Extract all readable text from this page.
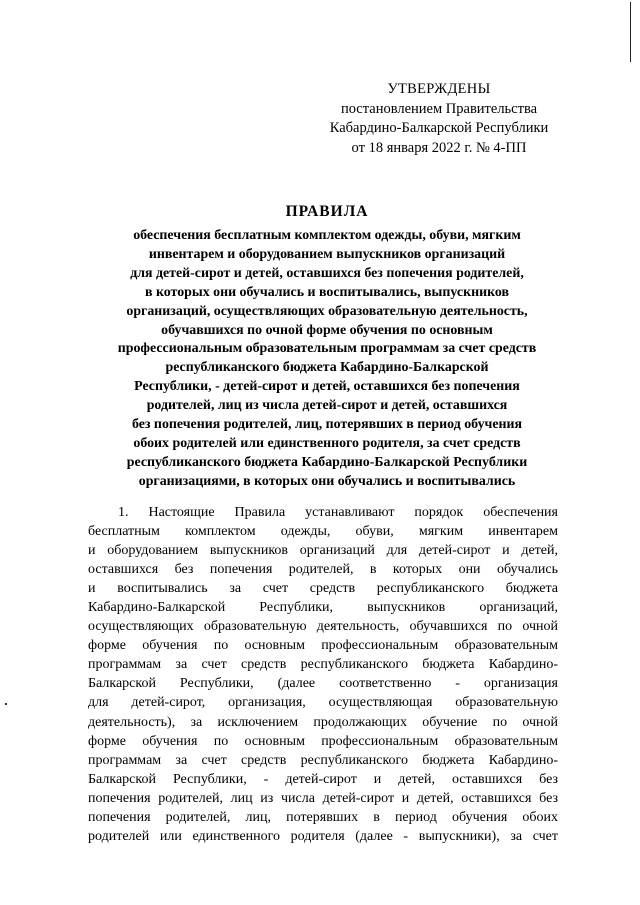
УТВЕРЖДЕНЫ
постановлением Правительства
Кабардино-Балкарской Республики
от 18 января 2022 г. № 4-ПП
ПРАВИЛА
обеспечения бесплатным комплектом одежды, обуви, мягким
инвентарем и оборудованием выпускников организаций
для детей-сирот и детей, оставшихся без попечения родителей,
в которых они обучались и воспитывались, выпускников
организаций, осуществляющих образовательную деятельность,
обучавшихся по очной форме обучения по основным
профессиональным образовательным программам за счет средств
республиканского бюджета Кабардино-Балкарской
Республики, - детей-сирот и детей, оставшихся без попечения
родителей, лиц из числа детей-сирот и детей, оставшихся
без попечения родителей, лиц, потерявших в период обучения
обоих родителей или единственного родителя, за счет средств
республиканского бюджета Кабардино-Балкарской Республики
организациями, в которых они обучались и воспитывались
1. Настоящие Правила устанавливают порядок обеспечения
бесплатным комплектом одежды, обуви, мягким инвентарем
и оборудованием выпускников организаций для детей-сирот и детей,
оставшихся без попечения родителей, в которых они обучались
и воспитывались за счет средств республиканского бюджета
Кабардино-Балкарской Республики, выпускников организаций,
осуществляющих образовательную деятельность, обучавшихся по очной
форме обучения по основным профессиональным образовательным
программам за счет средств республиканского бюджета Кабардино-
Балкарской Республики, (далее соответственно - организация
для детей-сирот, организация, осуществляющая образовательную
деятельность), за исключением продолжающих обучение по очной
форме обучения по основным профессиональным образовательным
программам за счет средств республиканского бюджета Кабардино-
Балкарской Республики, - детей-сирот и детей, оставшихся без
попечения родителей, лиц из числа детей-сирот и детей, оставшихся без
попечения родителей, лиц, потерявших в период обучения обоих
родителей или единственного родителя (далее - выпускники), за счет
